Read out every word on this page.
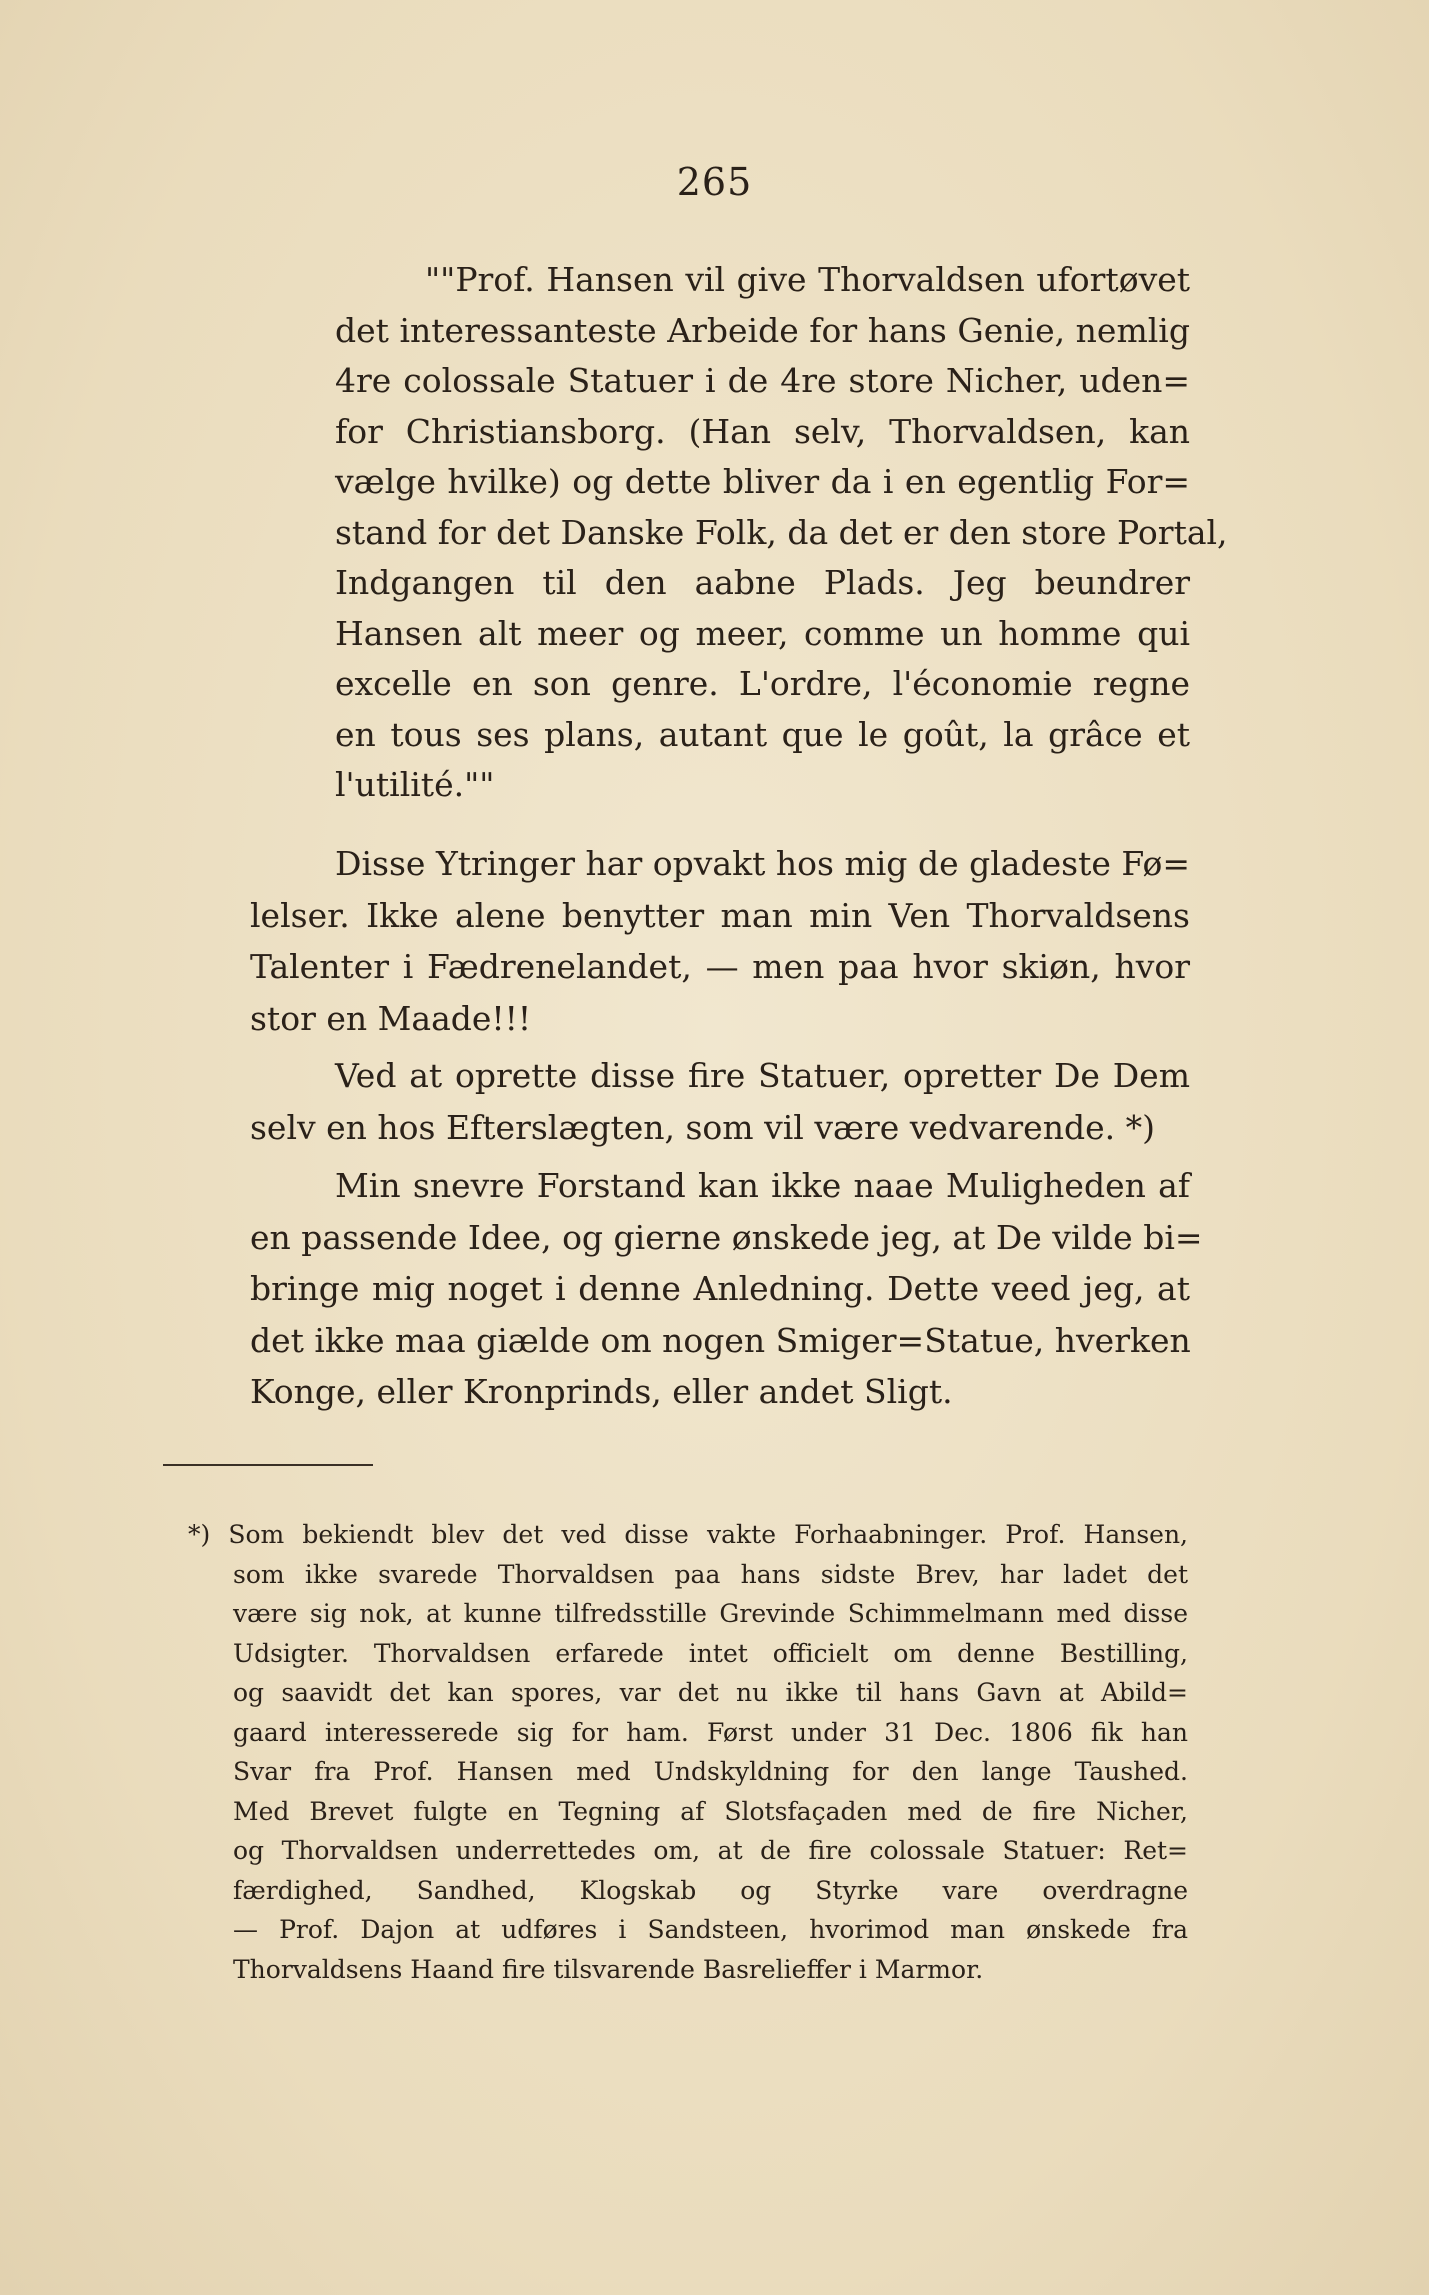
265
""Prof. Hansen vil give Thorvaldsen ufortøvet
det interessanteste Arbeide for hans Genie, nemlig
4re colossale Statuer i de 4re store Nicher, uden=
for Christiansborg. (Han selv, Thorvaldsen, kan
vælge hvilke) og dette bliver da i en egentlig For=
stand for det Danske Folk, da det er den store Portal,
Indgangen til den aabne Plads. Jeg beundrer
Hansen alt meer og meer, comme un homme qui
excelle en son genre. L'ordre, l'économie regne
en tous ses plans, autant que le goût, la grâce et
l'utilité.""
Disse Ytringer har opvakt hos mig de gladeste Fø=
lelser. Ikke alene benytter man min Ven Thorvaldsens
Talenter i Fædrenelandet, — men paa hvor skiøn, hvor
stor en Maade!!!
Ved at oprette disse fire Statuer, opretter De Dem
selv en hos Efterslægten, som vil være vedvarende. *)
Min snevre Forstand kan ikke naae Muligheden af
en passende Idee, og gierne ønskede jeg, at De vilde bi=
bringe mig noget i denne Anledning. Dette veed jeg, at
det ikke maa giælde om nogen Smiger=Statue, hverken
Konge, eller Kronprinds, eller andet Sligt.
*) Som bekiendt blev det ved disse vakte Forhaabninger. Prof. Hansen,
som ikke svarede Thorvaldsen paa hans sidste Brev, har ladet det
være sig nok, at kunne tilfredsstille Grevinde Schimmelmann med disse
Udsigter. Thorvaldsen erfarede intet officielt om denne Bestilling,
og saavidt det kan spores, var det nu ikke til hans Gavn at Abild=
gaard interesserede sig for ham. Først under 31 Dec. 1806 fik han
Svar fra Prof. Hansen med Undskyldning for den lange Taushed.
Med Brevet fulgte en Tegning af Slotsfaçaden med de fire Nicher,
og Thorvaldsen underrettedes om, at de fire colossale Statuer: Ret=
færdighed, Sandhed, Klogskab og Styrke vare overdragne
— Prof. Dajon at udføres i Sandsteen, hvorimod man ønskede fra
Thorvaldsens Haand fire tilsvarende Basrelieffer i Marmor.
